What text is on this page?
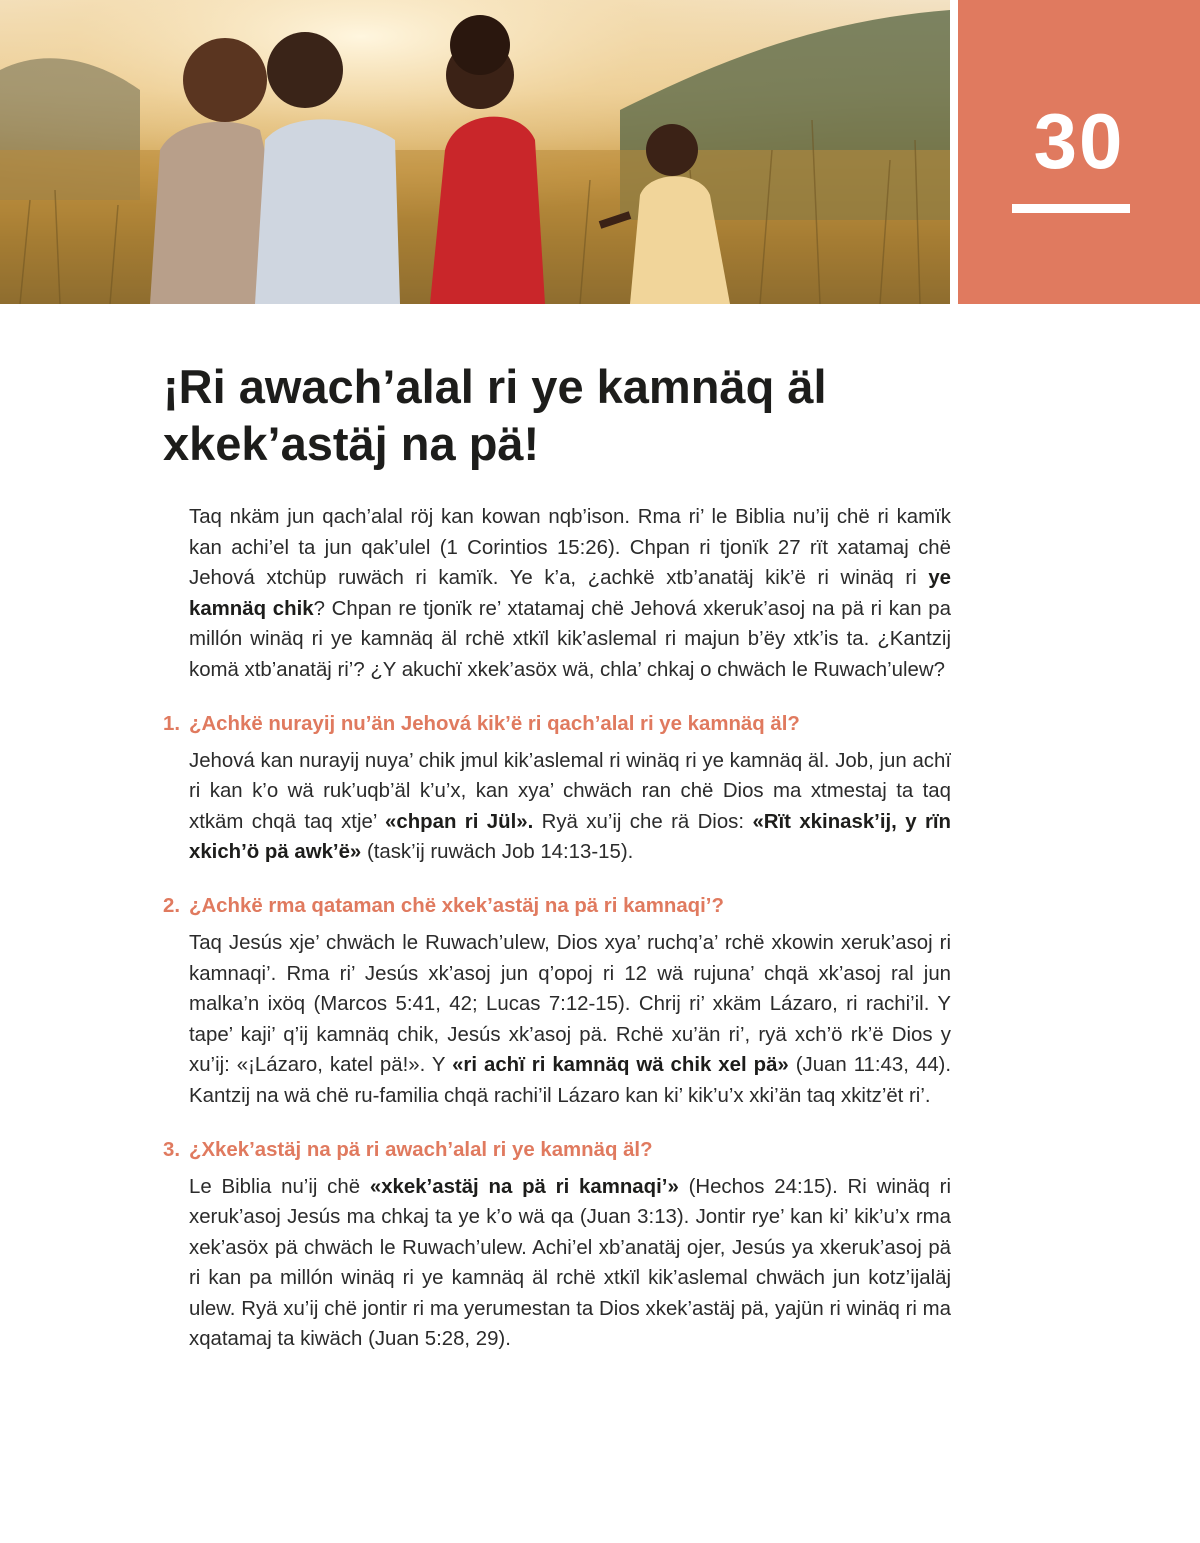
30
¡Ri awach’alal ri ye kamnäq äl
xkek’astäj na pä!

Taq nkäm jun qach’alal röj kan kowan nqb’ison. Rma ri’ le Biblia nu’ij chë ri kamïk kan achi’el ta jun qak’ulel (1 Corintios 15:26). Chpan ri tjonïk 27 rït xatamaj chë Jehová xtchüp ruwäch ri kamïk. Ye k’a, ¿achkë xtb’anatäj kik’ë ri winäq ri ye kamnäq chik? Chpan re tjonïk re’ xtatamaj chë Jehová xkeruk’asoj na pä ri kan pa millón winäq ri ye kamnäq äl rchë xtkïl kik’aslemal ri majun b’ëy xtk’is ta. ¿Kantzij komä xtb’anatäj ri’? ¿Y akuchï xkek’asöx wä, chla’ chkaj o chwäch le Ruwach’ulew?

1. ¿Achkë nurayij nu’än Jehová kik’ë ri qach’alal ri ye kamnäq äl?

Jehová kan nurayij nuya’ chik jmul kik’aslemal ri winäq ri ye kamnäq äl. Job, jun achï ri kan k’o wä ruk’uqb’äl k’u’x, kan xya’ chwäch ran chë Dios ma xtmestaj ta taq xtkäm chqä taq xtje’ «chpan ri Jül». Ryä xu’ij che rä Dios: «Rït xkinask’ij, y rïn xkich’ö pä awk’ë» (task’ij ruwäch Job 14:13-15).

2. ¿Achkë rma qataman chë xkek’astäj na pä ri kamnaqi’?

Taq Jesús xje’ chwäch le Ruwach’ulew, Dios xya’ ruchq’a’ rchë xkowin xeruk’asoj ri kamnaqi’. Rma ri’ Jesús xk’asoj jun q’opoj ri 12 wä rujuna’ chqä xk’asoj ral jun malka’n ixöq (Marcos 5:41, 42; Lucas 7:12-15). Chrij ri’ xkäm Lázaro, ri rachi’il. Y tape’ kaji’ q’ij kamnäq chik, Jesús xk’asoj pä. Rchë xu’än ri’, ryä xch’ö rk’ë Dios y xu’ij: «¡Lázaro, katel pä!». Y «ri achï ri kamnäq wä chik xel pä» (Juan 11:43, 44). Kantzij na wä chë ru-familia chqä rachi’il Lázaro kan ki’ kik’u’x xki’än taq xkitz’ët ri’.

3. ¿Xkek’astäj na pä ri awach’alal ri ye kamnäq äl?

Le Biblia nu’ij chë «xkek’astäj na pä ri kamnaqi’» (Hechos 24:15). Ri winäq ri xeruk’asoj Jesús ma chkaj ta ye k’o wä qa (Juan 3:13). Jontir rye’ kan ki’ kik’u’x rma xek’asöx pä chwäch le Ruwach’ulew. Achi’el xb’anatäj ojer, Jesús ya xkeruk’asoj pä ri kan pa millón winäq ri ye kamnäq äl rchë xtkïl kik’aslemal chwäch jun kotz’ijaläj ulew. Ryä xu’ij chë jontir ri ma yerumestan ta Dios xkek’astäj pä, yajün ri winäq ri ma xqatamaj ta kiwäch (Juan 5:28, 29).
